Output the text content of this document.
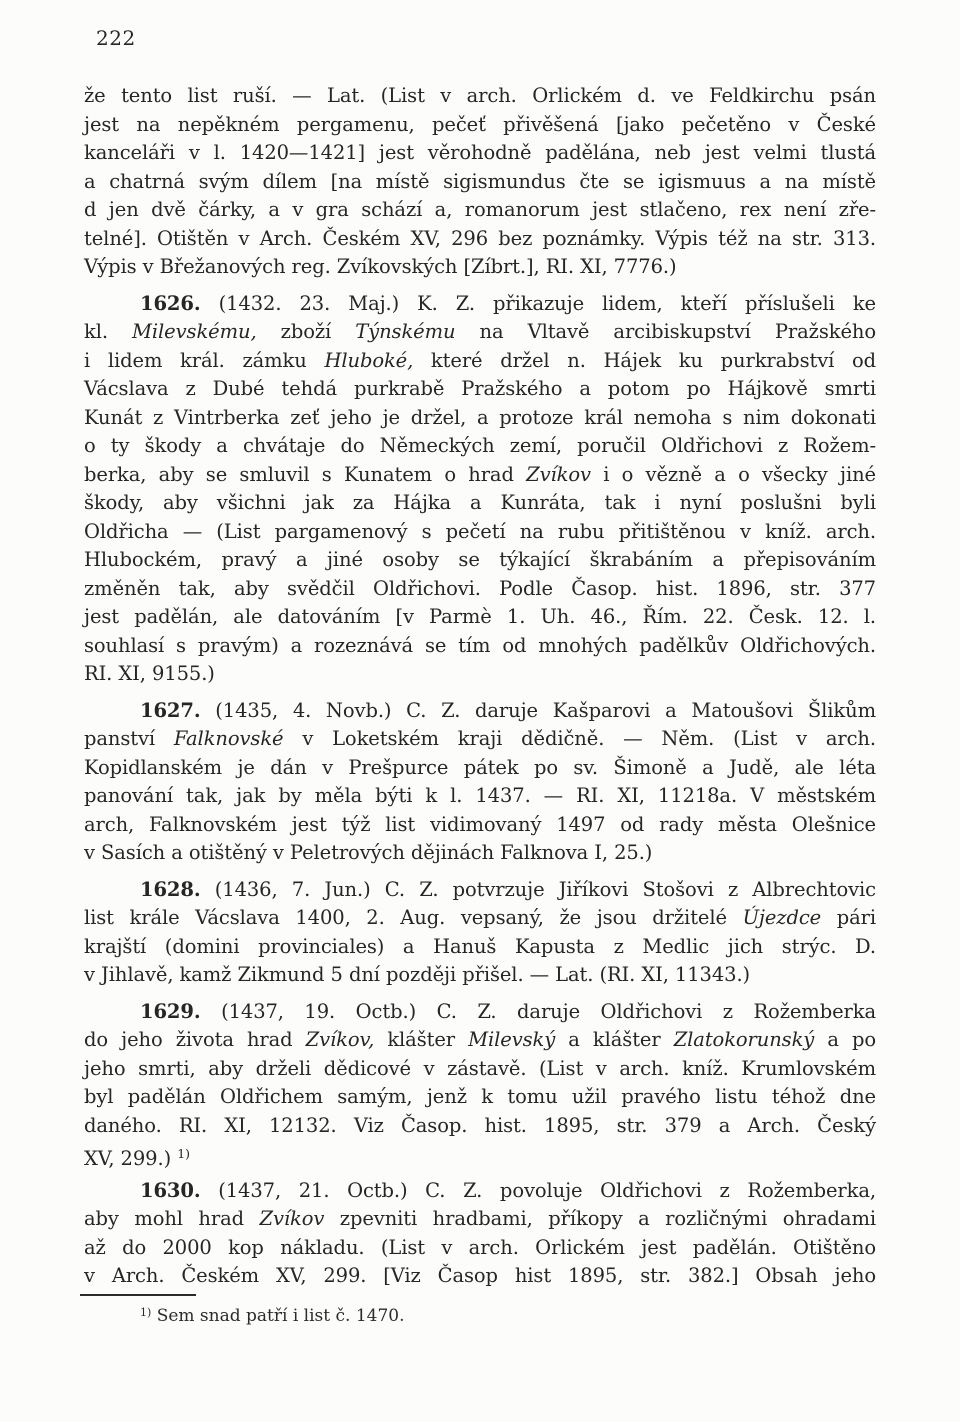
222
že tento list ruší. — Lat. (List v arch. Orlickém d. ve Feldkirchu psán
jest na nepěkném pergamenu, pečeť přivěšená [jako pečetěno v České
kanceláři v l. 1420—1421] jest věrohodně padělána, neb jest velmi tlustá
a chatrná svým dílem [na místě sigismundus čte se igismuus a na místě
d jen dvě čárky, a v gra schází a, romanorum jest stlačeno, rex není zře-
telné]. Otištěn v Arch. Českém XV, 296 bez poznámky. Výpis též na str. 313.
Výpis v Břežanových reg. Zvíkovských [Zíbrt.], RI. XI, 7776.)
1626. (1432. 23. Maj.) K. Z. přikazuje lidem, kteří příslušeli ke
kl. Milevskému, zboží Týnskému na Vltavě arcibiskupství Pražského
i lidem král. zámku Hluboké, které držel n. Hájek ku purkrabství od
Vácslava z Dubé tehdá purkrabě Pražského a potom po Hájkově smrti
Kunát z Vintrberka zeť jeho je držel, a protoze král nemoha s nim dokonati
o ty škody a chvátaje do Německých zemí, poručil Oldřichovi z Rožem-
berka, aby se smluvil s Kunatem o hrad Zvíkov i o vězně a o všecky jiné
škody, aby všichni jak za Hájka a Kunráta, tak i nyní poslušni byli
Oldřicha — (List pargamenový s pečetí na rubu přitištěnou v kníž. arch.
Hlubockém, pravý a jiné osoby se týkající škrabáním a přepisováním
změněn tak, aby svědčil Oldřichovi. Podle Časop. hist. 1896, str. 377
jest padělán, ale datováním [v Parmè 1. Uh. 46., Řím. 22. Česk. 12. l.
souhlasí s pravým) a rozeznává se tím od mnohých padělkův Oldřichových.
RI. XI, 9155.)
1627. (1435, 4. Novb.) C. Z. daruje Kašparovi a Matoušovi Šlikům
panství Falknovské v Loketském kraji dědičně. — Něm. (List v arch.
Kopidlanském je dán v Prešpurce pátek po sv. Šimoně a Judě, ale léta
panování tak, jak by měla býti k l. 1437. — RI. XI, 11218a. V městském
arch, Falknovském jest týž list vidimovaný 1497 od rady města Olešnice
v Sasích a otištěný v Peletrových dějinách Falknova I, 25.)
1628. (1436, 7. Jun.) C. Z. potvrzuje Jiříkovi Stošovi z Albrechtovic
list krále Vácslava 1400, 2. Aug. vepsaný, že jsou držitelé Újezdce pári
krajští (domini provinciales) a Hanuš Kapusta z Medlic jich strýc. D.
v Jihlavě, kamž Zikmund 5 dní později přišel. — Lat. (RI. XI, 11343.)
1629. (1437, 19. Octb.) C. Z. daruje Oldřichovi z Rožemberka
do jeho života hrad Zvíkov, klášter Milevský a klášter Zlatokorunský a po
jeho smrti, aby drželi dědicové v zástavě. (List v arch. kníž. Krumlovském
byl padělán Oldřichem samým, jenž k tomu užil pravého listu téhož dne
daného. RI. XI, 12132. Viz Časop. hist. 1895, str. 379 a Arch. Český
XV, 299.) $^{1)}$
1630. (1437, 21. Octb.) C. Z. povoluje Oldřichovi z Rožemberka,
aby mohl hrad Zvíkov zpevniti hradbami, příkopy a rozličnými ohradami
až do 2000 kop nákladu. (List v arch. Orlickém jest padělán. Otištěno
v Arch. Českém XV, 299. [Viz Časop hist 1895, str. 382.] Obsah jeho
$^{1)}$ Sem snad patří i list č. 1470.
